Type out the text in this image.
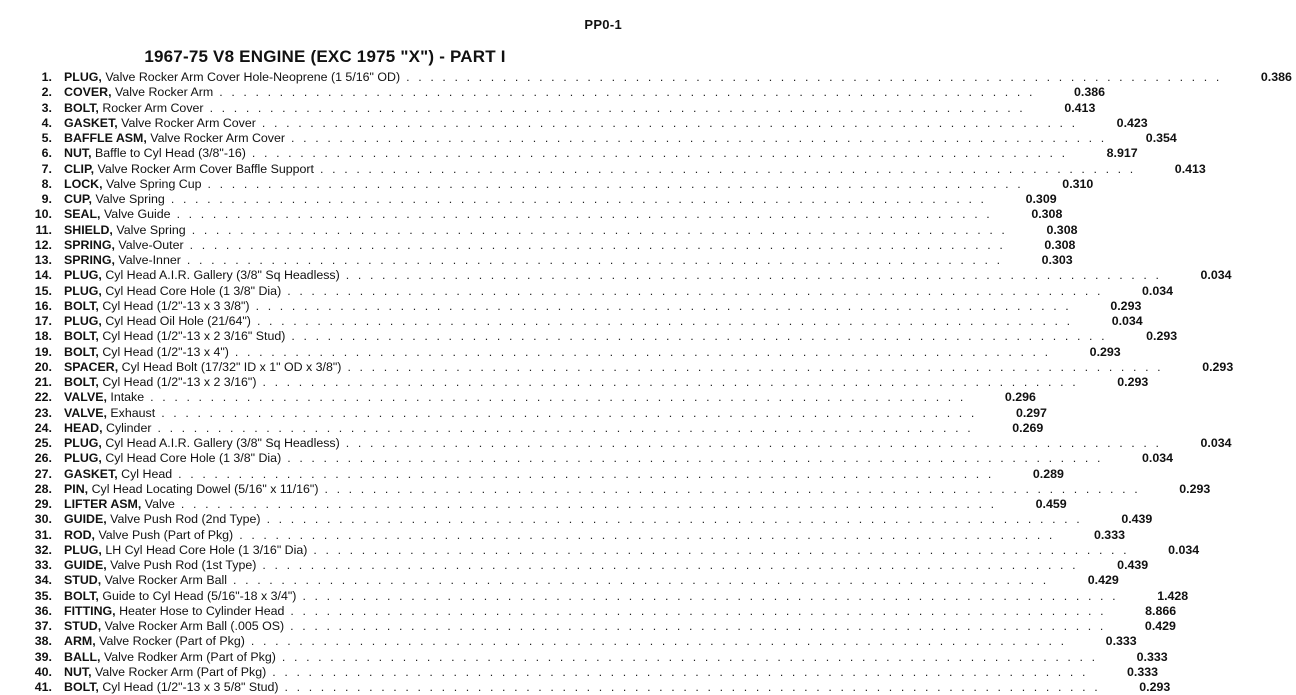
PP0-1
1967-75 V8 ENGINE (EXC 1975 "X") - PART I
1. PLUG, Valve Rocker Arm Cover Hole-Neoprene (1 5/16" OD) . . . . . . . . . . . . . . . . . . . . . . . . . . . . . . . . . . . . . . . . . . . . . . . . . . . . . . . . . . . . . . . . . . . .	0.386
2. COVER, Valve Rocker Arm . . . . . . . . . . . . . . . . . . . . . . . . . . . . . . . . . . . . . . . . . . . . . . . . . . . . . . . . . . . . . . . . . . . .	0.386
3. BOLT, Rocker Arm Cover . . . . . . . . . . . . . . . . . . . . . . . . . . . . . . . . . . . . . . . . . . . . . . . . . . . . . . . . . . . . . . . . . . . .	0.413
4. GASKET, Valve Rocker Arm Cover . . . . . . . . . . . . . . . . . . . . . . . . . . . . . . . . . . . . . . . . . . . . . . . . . . . . . . . . . . . . . . . . . . . .	0.423
5. BAFFLE ASM, Valve Rocker Arm Cover . . . . . . . . . . . . . . . . . . . . . . . . . . . . . . . . . . . . . . . . . . . . . . . . . . . . . . . . . . . . . . . . . . . .	0.354
6. NUT, Baffle to Cyl Head (3/8"-16) . . . . . . . . . . . . . . . . . . . . . . . . . . . . . . . . . . . . . . . . . . . . . . . . . . . . . . . . . . . . . . . . . . . .	8.917
7. CLIP, Valve Rocker Arm Cover Baffle Support . . . . . . . . . . . . . . . . . . . . . . . . . . . . . . . . . . . . . . . . . . . . . . . . . . . . . . . . . . . . . . . . . . . .	0.413
8. LOCK, Valve Spring Cup . . . . . . . . . . . . . . . . . . . . . . . . . . . . . . . . . . . . . . . . . . . . . . . . . . . . . . . . . . . . . . . . . . . .	0.310
9. CUP, Valve Spring . . . . . . . . . . . . . . . . . . . . . . . . . . . . . . . . . . . . . . . . . . . . . . . . . . . . . . . . . . . . . . . . . . . .	0.309
10. SEAL, Valve Guide . . . . . . . . . . . . . . . . . . . . . . . . . . . . . . . . . . . . . . . . . . . . . . . . . . . . . . . . . . . . . . . . . . . .	0.308
11. SHIELD, Valve Spring . . . . . . . . . . . . . . . . . . . . . . . . . . . . . . . . . . . . . . . . . . . . . . . . . . . . . . . . . . . . . . . . . . . .	0.308
12. SPRING, Valve-Outer . . . . . . . . . . . . . . . . . . . . . . . . . . . . . . . . . . . . . . . . . . . . . . . . . . . . . . . . . . . . . . . . . . . .	0.308
13. SPRING, Valve-Inner . . . . . . . . . . . . . . . . . . . . . . . . . . . . . . . . . . . . . . . . . . . . . . . . . . . . . . . . . . . . . . . . . . . .	0.303
14. PLUG, Cyl Head A.I.R. Gallery (3/8" Sq Headless) . . . . . . . . . . . . . . . . . . . . . . . . . . . . . . . . . . . . . . . . . . . . . . . . . . . . . . . . . . . . . . . . . . . .	0.034
15. PLUG, Cyl Head Core Hole (1 3/8" Dia) . . . . . . . . . . . . . . . . . . . . . . . . . . . . . . . . . . . . . . . . . . . . . . . . . . . . . . . . . . . . . . . . . . . .	0.034
16. BOLT, Cyl Head (1/2"-13 x 3 3/8") . . . . . . . . . . . . . . . . . . . . . . . . . . . . . . . . . . . . . . . . . . . . . . . . . . . . . . . . . . . . . . . . . . . .	0.293
17. PLUG, Cyl Head Oil Hole (21/64") . . . . . . . . . . . . . . . . . . . . . . . . . . . . . . . . . . . . . . . . . . . . . . . . . . . . . . . . . . . . . . . . . . . .	0.034
18. BOLT, Cyl Head (1/2"-13 x 2 3/16" Stud) . . . . . . . . . . . . . . . . . . . . . . . . . . . . . . . . . . . . . . . . . . . . . . . . . . . . . . . . . . . . . . . . . . . .	0.293
19. BOLT, Cyl Head (1/2"-13 x 4") . . . . . . . . . . . . . . . . . . . . . . . . . . . . . . . . . . . . . . . . . . . . . . . . . . . . . . . . . . . . . . . . . . . .	0.293
20. SPACER, Cyl Head Bolt (17/32" ID x 1" OD x 3/8") . . . . . . . . . . . . . . . . . . . . . . . . . . . . . . . . . . . . . . . . . . . . . . . . . . . . . . . . . . . . . . . . . . . .	0.293
21. BOLT, Cyl Head (1/2"-13 x 2 3/16") . . . . . . . . . . . . . . . . . . . . . . . . . . . . . . . . . . . . . . . . . . . . . . . . . . . . . . . . . . . . . . . . . . . .	0.293
22. VALVE, Intake . . . . . . . . . . . . . . . . . . . . . . . . . . . . . . . . . . . . . . . . . . . . . . . . . . . . . . . . . . . . . . . . . . . .	0.296
23. VALVE, Exhaust . . . . . . . . . . . . . . . . . . . . . . . . . . . . . . . . . . . . . . . . . . . . . . . . . . . . . . . . . . . . . . . . . . . .	0.297
24. HEAD, Cylinder . . . . . . . . . . . . . . . . . . . . . . . . . . . . . . . . . . . . . . . . . . . . . . . . . . . . . . . . . . . . . . . . . . . .	0.269
25. PLUG, Cyl Head A.I.R. Gallery (3/8" Sq Headless) . . . . . . . . . . . . . . . . . . . . . . . . . . . . . . . . . . . . . . . . . . . . . . . . . . . . . . . . . . . . . . . . . . . .	0.034
26. PLUG, Cyl Head Core Hole (1 3/8" Dia) . . . . . . . . . . . . . . . . . . . . . . . . . . . . . . . . . . . . . . . . . . . . . . . . . . . . . . . . . . . . . . . . . . . .	0.034
27. GASKET, Cyl Head . . . . . . . . . . . . . . . . . . . . . . . . . . . . . . . . . . . . . . . . . . . . . . . . . . . . . . . . . . . . . . . . . . . .	0.289
28. PIN, Cyl Head Locating Dowel (5/16" x 11/16") . . . . . . . . . . . . . . . . . . . . . . . . . . . . . . . . . . . . . . . . . . . . . . . . . . . . . . . . . . . . . . . . . . . .	0.293
29. LIFTER ASM, Valve . . . . . . . . . . . . . . . . . . . . . . . . . . . . . . . . . . . . . . . . . . . . . . . . . . . . . . . . . . . . . . . . . . . .	0.459
30. GUIDE, Valve Push Rod (2nd Type) . . . . . . . . . . . . . . . . . . . . . . . . . . . . . . . . . . . . . . . . . . . . . . . . . . . . . . . . . . . . . . . . . . . .	0.439
31. ROD, Valve Push (Part of Pkg) . . . . . . . . . . . . . . . . . . . . . . . . . . . . . . . . . . . . . . . . . . . . . . . . . . . . . . . . . . . . . . . . . . . .	0.333
32. PLUG, LH Cyl Head Core Hole (1 3/16" Dia) . . . . . . . . . . . . . . . . . . . . . . . . . . . . . . . . . . . . . . . . . . . . . . . . . . . . . . . . . . . . . . . . . . . .	0.034
33. GUIDE, Valve Push Rod (1st Type) . . . . . . . . . . . . . . . . . . . . . . . . . . . . . . . . . . . . . . . . . . . . . . . . . . . . . . . . . . . . . . . . . . . .	0.439
34. STUD, Valve Rocker Arm Ball . . . . . . . . . . . . . . . . . . . . . . . . . . . . . . . . . . . . . . . . . . . . . . . . . . . . . . . . . . . . . . . . . . . .	0.429
35. BOLT, Guide to Cyl Head (5/16"-18 x 3/4") . . . . . . . . . . . . . . . . . . . . . . . . . . . . . . . . . . . . . . . . . . . . . . . . . . . . . . . . . . . . . . . . . . . .	1.428
36. FITTING, Heater Hose to Cylinder Head . . . . . . . . . . . . . . . . . . . . . . . . . . . . . . . . . . . . . . . . . . . . . . . . . . . . . . . . . . . . . . . . . . . .	8.866
37. STUD, Valve Rocker Arm Ball (.005 OS) . . . . . . . . . . . . . . . . . . . . . . . . . . . . . . . . . . . . . . . . . . . . . . . . . . . . . . . . . . . . . . . . . . . .	0.429
38. ARM, Valve Rocker (Part of Pkg) . . . . . . . . . . . . . . . . . . . . . . . . . . . . . . . . . . . . . . . . . . . . . . . . . . . . . . . . . . . . . . . . . . . .	0.333
39. BALL, Valve Rodker Arm (Part of Pkg) . . . . . . . . . . . . . . . . . . . . . . . . . . . . . . . . . . . . . . . . . . . . . . . . . . . . . . . . . . . . . . . . . . . .	0.333
40. NUT, Valve Rocker Arm (Part of Pkg) . . . . . . . . . . . . . . . . . . . . . . . . . . . . . . . . . . . . . . . . . . . . . . . . . . . . . . . . . . . . . . . . . . . .	0.333
41. BOLT, Cyl Head (1/2"-13 x 3 5/8" Stud) . . . . . . . . . . . . . . . . . . . . . . . . . . . . . . . . . . . . . . . . . . . . . . . . . . . . . . . . . . . . . . . . . . . .	0.293
